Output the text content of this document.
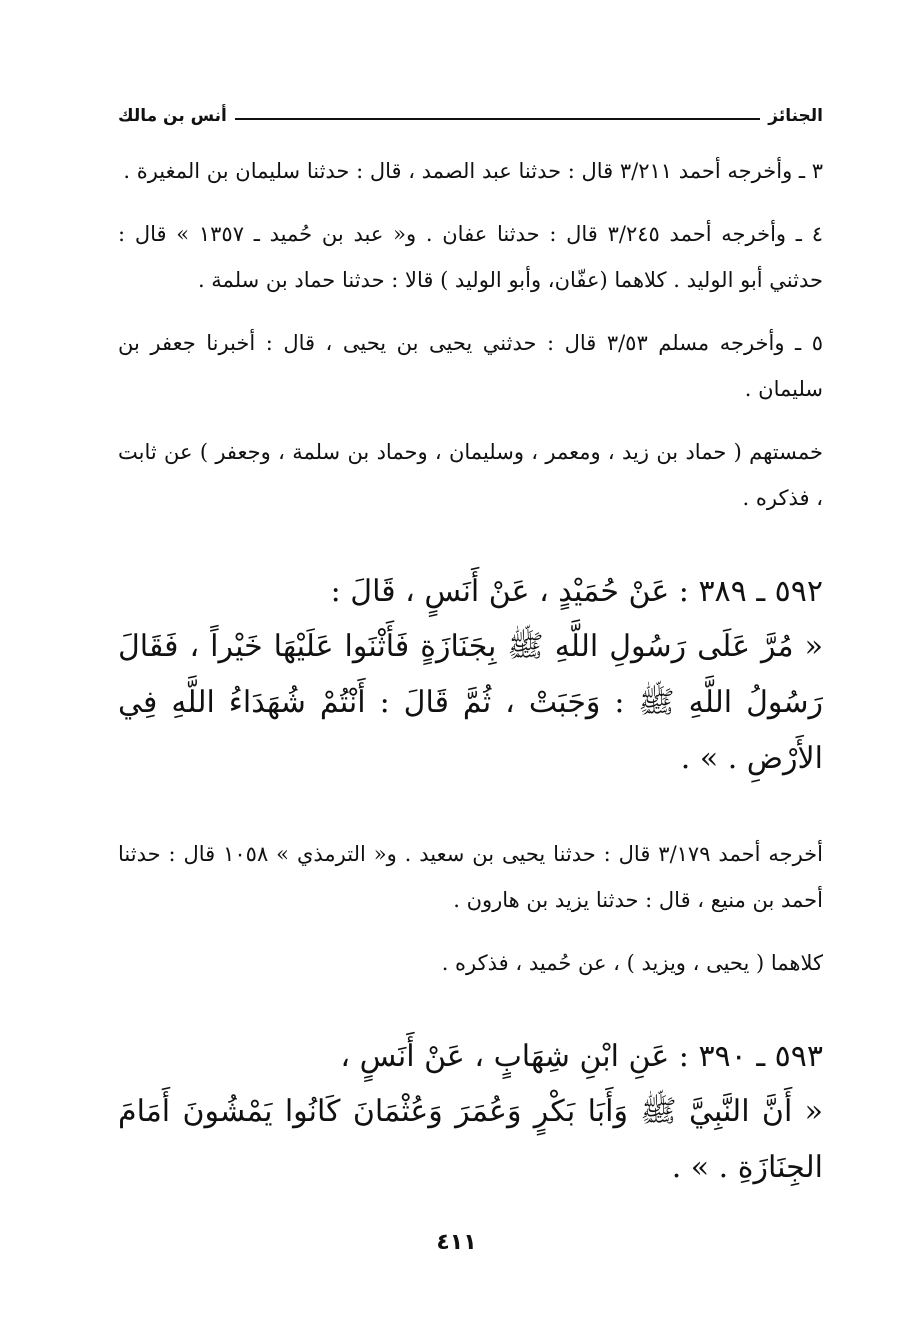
الجنائز
أنس بن مالك

٣ ـ وأخرجه أحمد ٣/٢١١ قال : حدثنا عبد الصمد ، قال : حدثنا سليمان بن المغيرة .

٤ ـ وأخرجه أحمد ٣/٢٤٥ قال : حدثنا عفان . و« عبد بن حُميد ـ ١٣٥٧ » قال : حدثني أبو الوليد . كلاهما (عفّان، وأبو الوليد ) قالا : حدثنا حماد بن سلمة .

٥ ـ وأخرجه مسلم ٣/٥٣ قال : حدثني يحيى بن يحيى ، قال : أخبرنا جعفر بن سليمان .

خمستهم ( حماد بن زيد ، ومعمر ، وسليمان ، وحماد بن سلمة ، وجعفر ) عن ثابت ، فذكره .

٥٩٢ ـ ٣٨٩ : عَنْ حُمَيْدٍ ، عَنْ أَنَسٍ ، قَالَ :

« مُرَّ عَلَى رَسُولِ اللَّهِ ﷺ بِجَنَازَةٍ فَأَثْنَوا عَلَيْهَا خَيْراً ، فَقَالَ رَسُولُ اللَّهِ ﷺ : وَجَبَتْ ، ثُمَّ قَالَ : أَنْتُمْ شُهَدَاءُ اللَّهِ فِي الأَرْضِ . » .

أخرجه أحمد ٣/١٧٩ قال : حدثنا يحيى بن سعيد . و« الترمذي » ١٠٥٨ قال : حدثنا أحمد بن منيع ، قال : حدثنا يزيد بن هارون .

كلاهما ( يحيى ، ويزيد ) ، عن حُميد ، فذكره .

٥٩٣ ـ ٣٩٠ : عَنِ ابْنِ شِهَابٍ ، عَنْ أَنَسٍ ،

« أَنَّ النَّبِيَّ ﷺ وَأَبَا بَكْرٍ وَعُمَرَ وَعُثْمَانَ كَانُوا يَمْشُونَ أَمَامَ الجِنَازَةِ . » .

٤١١
